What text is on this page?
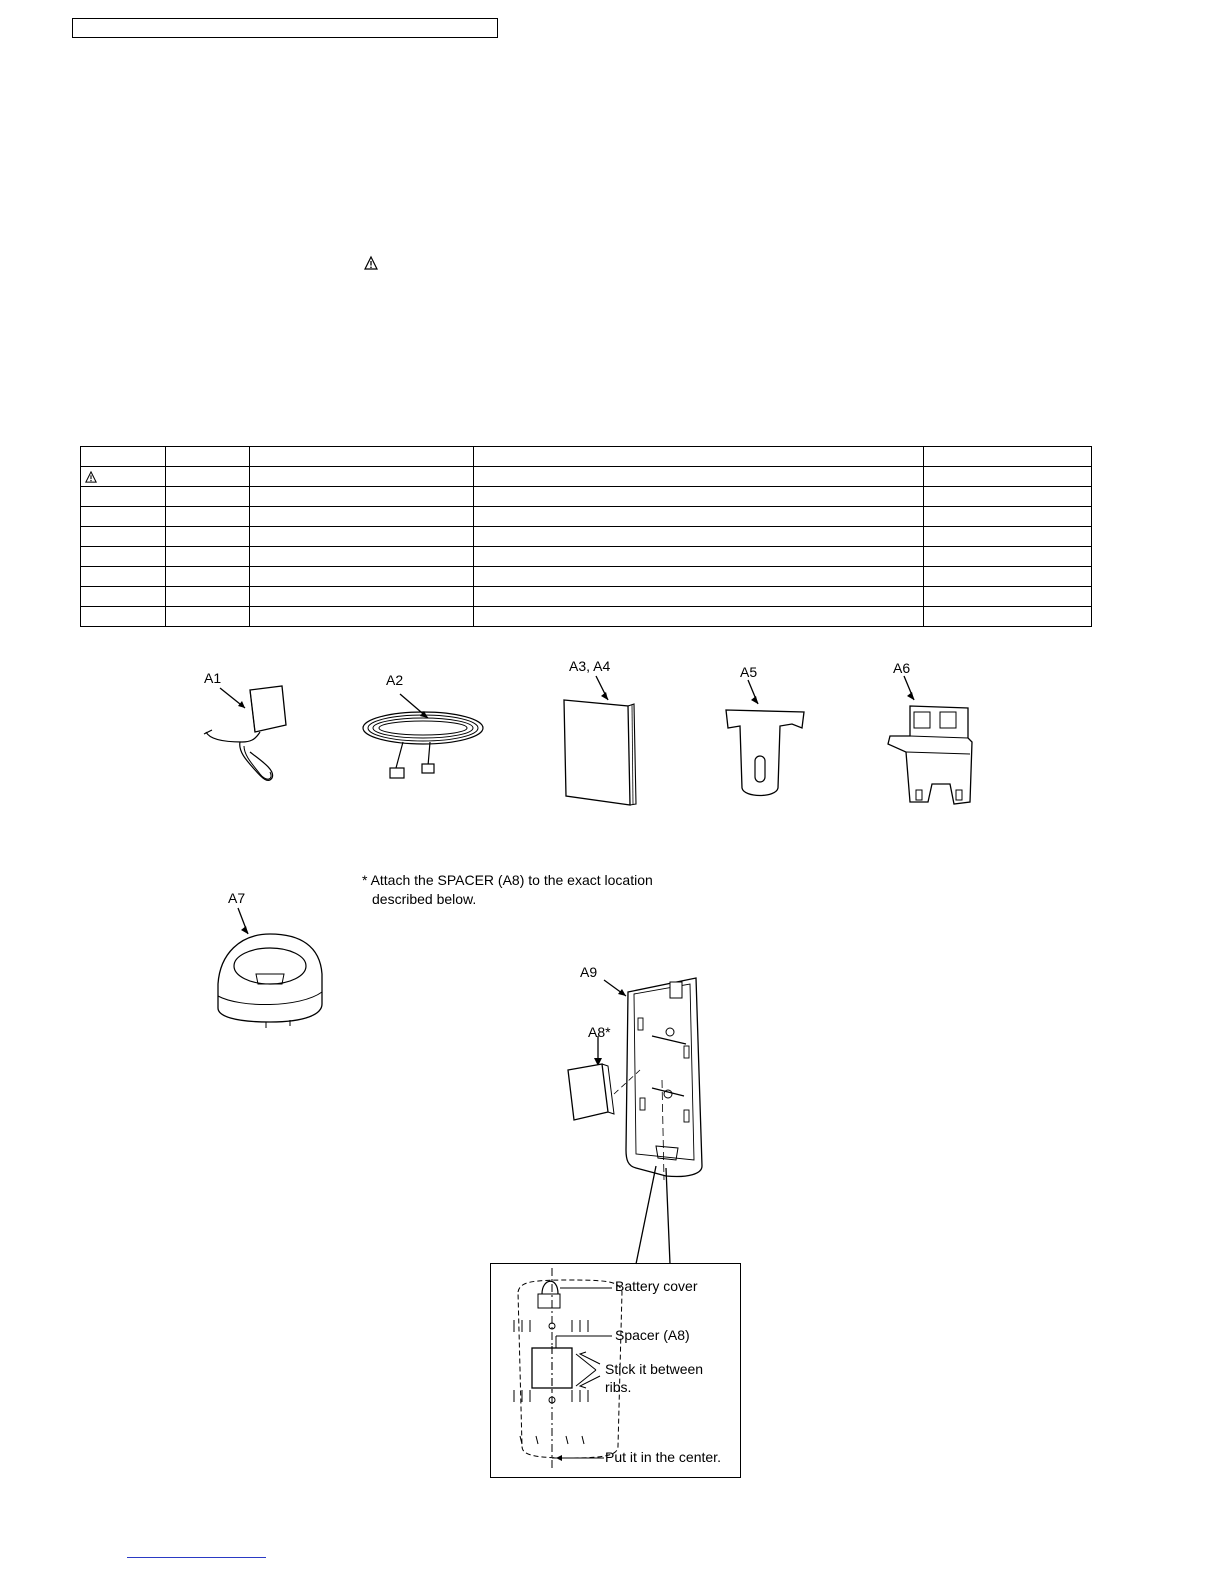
A1	A2
A3, A4	A5	A6
A7
* Attach the SPACER (A8) to the exact location
described below.
A9
A8*
Battery cover
Spacer (A8)
Stick it between
ribs.
Put it in the center.
